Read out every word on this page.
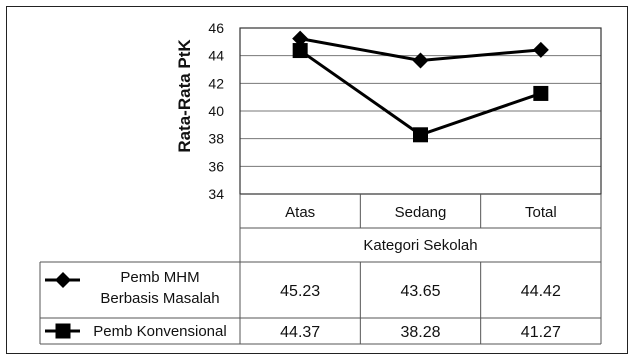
34
36
38
40
42
44
46
Rata-Rata PtK
Atas	Sedang	Total
Kategori Sekolah
Pemb MHM
Berbasis Masalah	45.23	43.65	44.42
Pemb Konvensional	44.37	38.28	41.27
